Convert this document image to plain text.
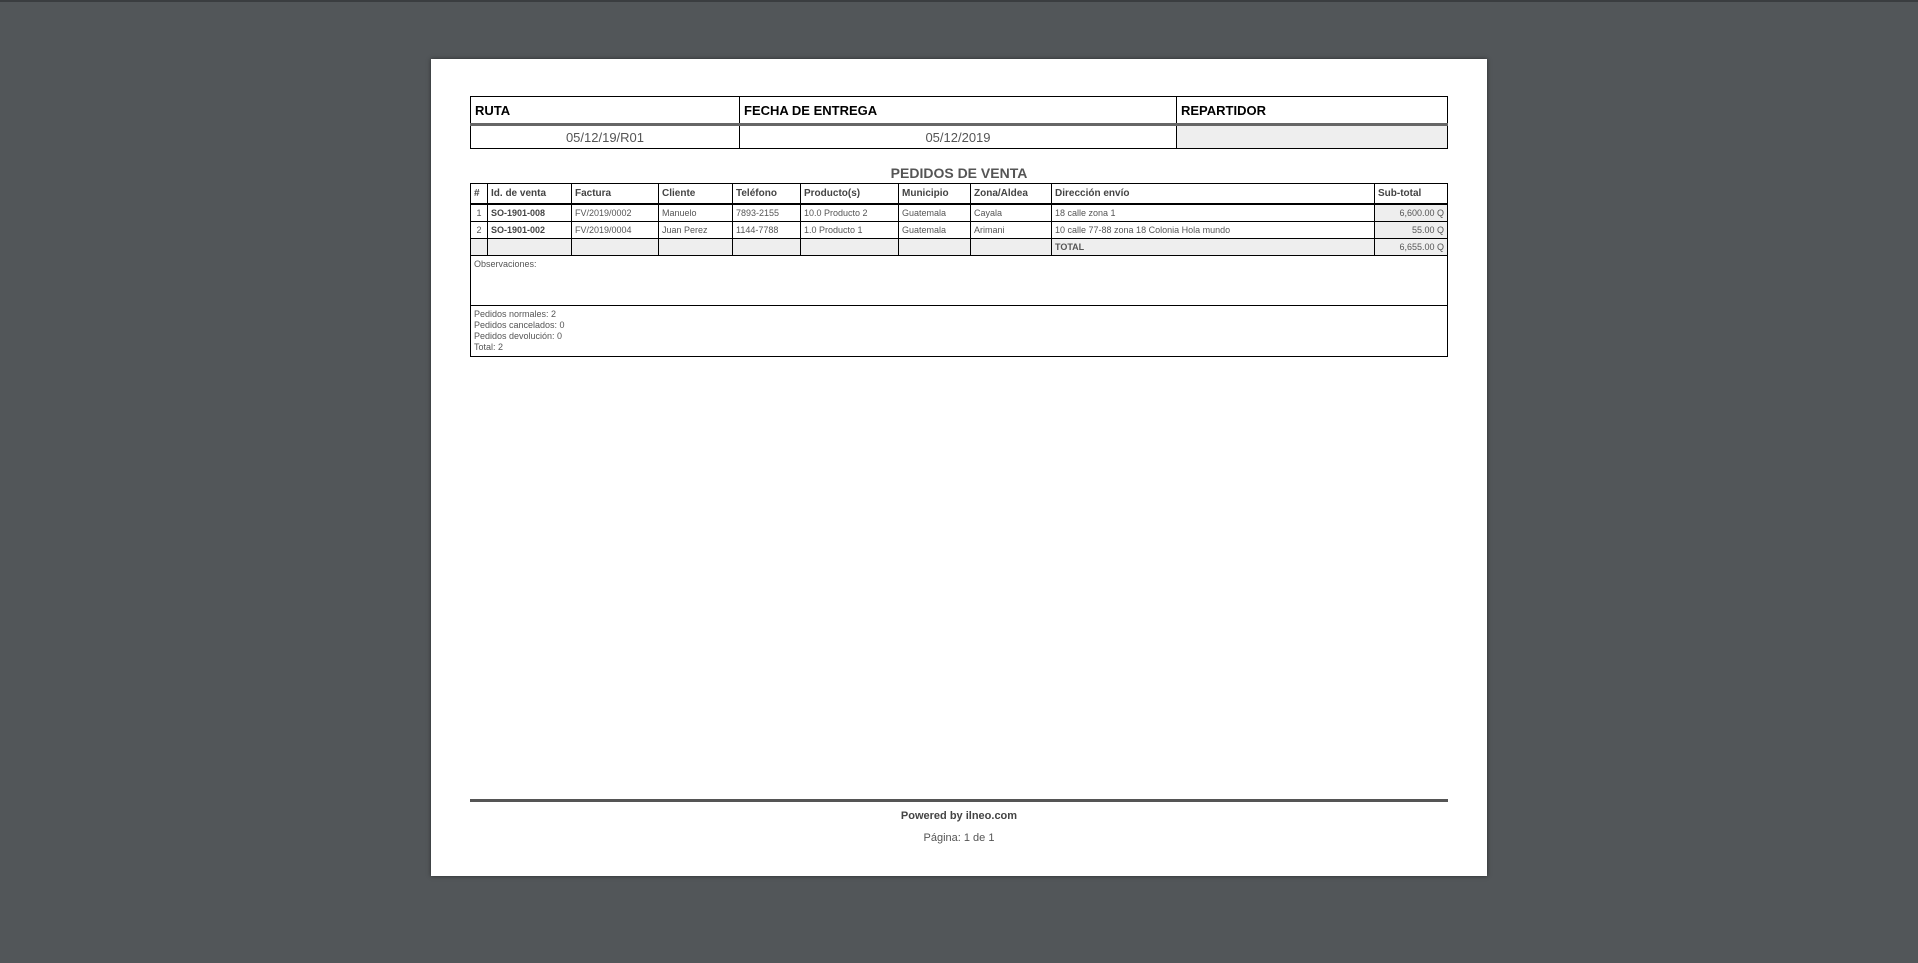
RUTA	FECHA DE ENTREGA	REPARTIDOR
05/12/19/R01	05/12/2019	
PEDIDOS DE VENTA
#	Id. de venta	Factura	Cliente	Teléfono	Producto(s)	Municipio	Zona/Aldea	Dirección envío	Sub-total
1	SO-1901-008	FV/2019/0002	Manuelo	7893-2155	10.0 Producto 2	Guatemala	Cayala	18 calle zona 1	6,600.00 Q
2	SO-1901-002	FV/2019/0004	Juan Perez	1144-7788	1.0 Producto 1	Guatemala	Arimani	10 calle 77-88 zona 18 Colonia Hola mundo	55.00 Q
								TOTAL	6,655.00 Q
Observaciones:
Pedidos normales: 2
Pedidos cancelados: 0
Pedidos devolución: 0
Total: 2
Powered by ilneo.com
Página: 1 de 1
